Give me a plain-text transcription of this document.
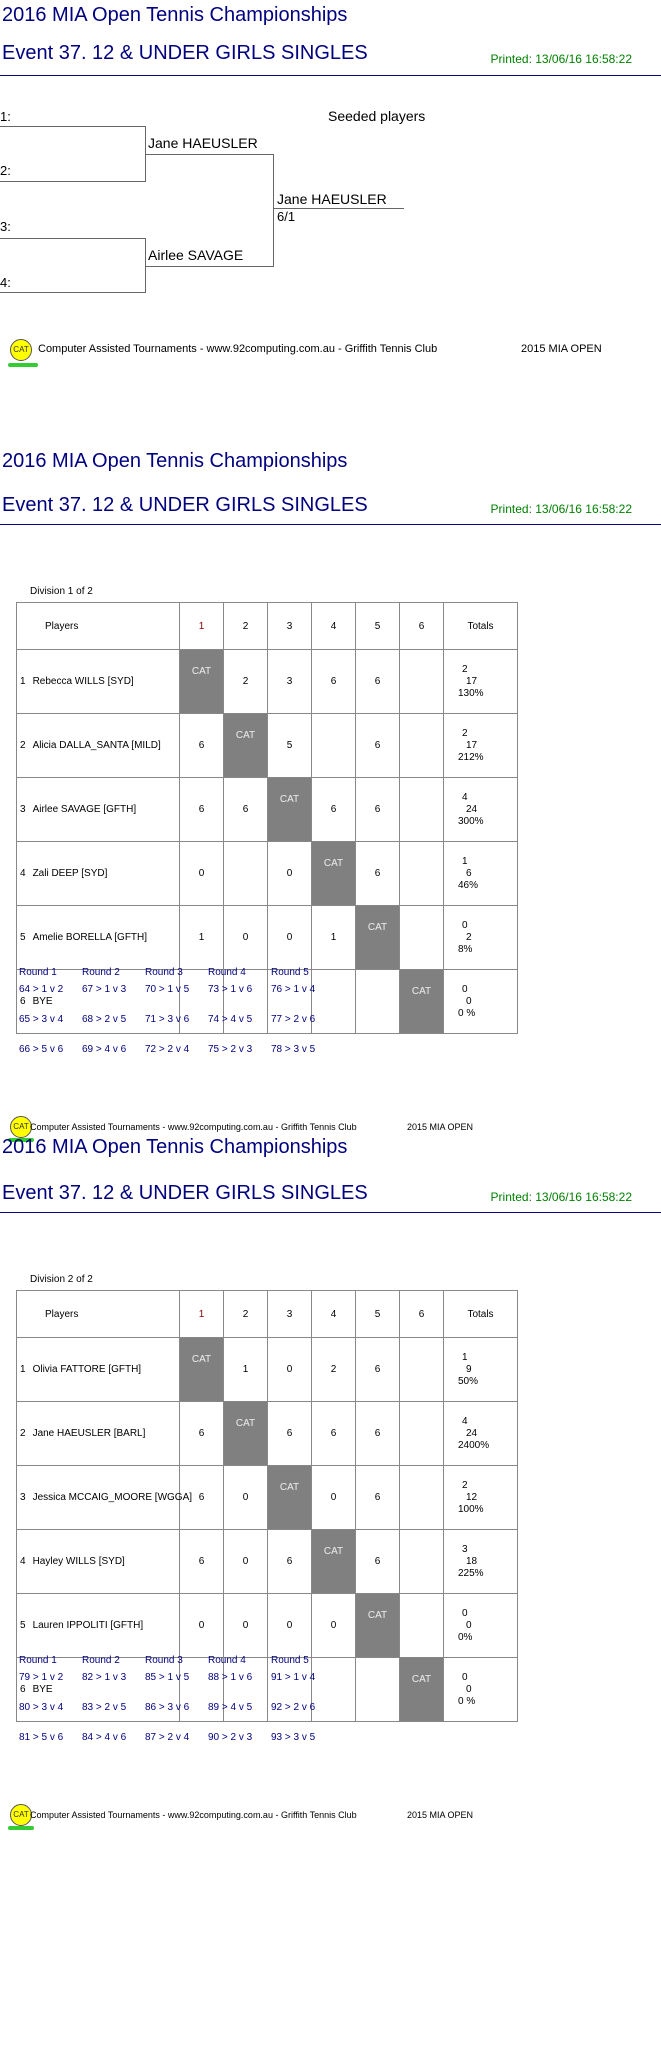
2016 MIA Open Tennis Championships
Event 37. 12 & UNDER GIRLS SINGLES	Printed: 13/06/16 16:58:22
Seeded players
1:
2:
Jane HAEUSLER
3:
4:
Airlee SAVAGE
Jane HAEUSLER
6/1
CAT Computer Assisted Tournaments - www.92computing.com.au - Griffith Tennis Club	2015 MIA OPEN
2016 MIA Open Tennis Championships
Event 37. 12 & UNDER GIRLS SINGLES	Printed: 13/06/16 16:58:22
Division 1 of 2
Players	1	2	3	4	5	6	Totals
1 Rebecca WILLS [SYD]	CAT	2	3	6	6		2
17
130%

2 Alicia DALLA_SANTA [MILD]	6	CAT	5		6		2
17
212%

3 Airlee SAVAGE [GFTH]	6	6	CAT	6	6		4
24
300%

4 Zali DEEP [SYD]	0		0	CAT	6		1
6
46%

5 Amelie BORELLA [GFTH]	1	0	0	1	CAT		0
2
8%

6 BYE						CAT	0
0
0 %
Round 1
64 > 1 v 2
65 > 3 v 4
66 > 5 v 6
Round 2
67 > 1 v 3
68 > 2 v 5
69 > 4 v 6
Round 3
70 > 1 v 5
71 > 3 v 6
72 > 2 v 4
Round 4
73 > 1 v 6
74 > 4 v 5
75 > 2 v 3
Round 5
76 > 1 v 4
77 > 2 v 6
78 > 3 v 5
CAT Computer Assisted Tournaments - www.92computing.com.au - Griffith Tennis Club	2015 MIA OPEN
2016 MIA Open Tennis Championships
Event 37. 12 & UNDER GIRLS SINGLES	Printed: 13/06/16 16:58:22
Division 2 of 2
Players	1	2	3	4	5	6	Totals
1 Olivia FATTORE [GFTH]	CAT	1	0	2	6		1
9
50%

2 Jane HAEUSLER [BARL]	6	CAT	6	6	6		4
24
2400%

3 Jessica MCCAIG_MOORE [WGGA]	6	0	CAT	0	6		2
12
100%

4 Hayley WILLS [SYD]	6	0	6	CAT	6		3
18
225%

5 Lauren IPPOLITI [GFTH]	0	0	0	0	CAT		0
0
0%

6 BYE						CAT	0
0
0 %
Round 1
79 > 1 v 2
80 > 3 v 4
81 > 5 v 6
Round 2
82 > 1 v 3
83 > 2 v 5
84 > 4 v 6
Round 3
85 > 1 v 5
86 > 3 v 6
87 > 2 v 4
Round 4
88 > 1 v 6
89 > 4 v 5
90 > 2 v 3
Round 5
91 > 1 v 4
92 > 2 v 6
93 > 3 v 5
CAT Computer Assisted Tournaments - www.92computing.com.au - Griffith Tennis Club	2015 MIA OPEN
